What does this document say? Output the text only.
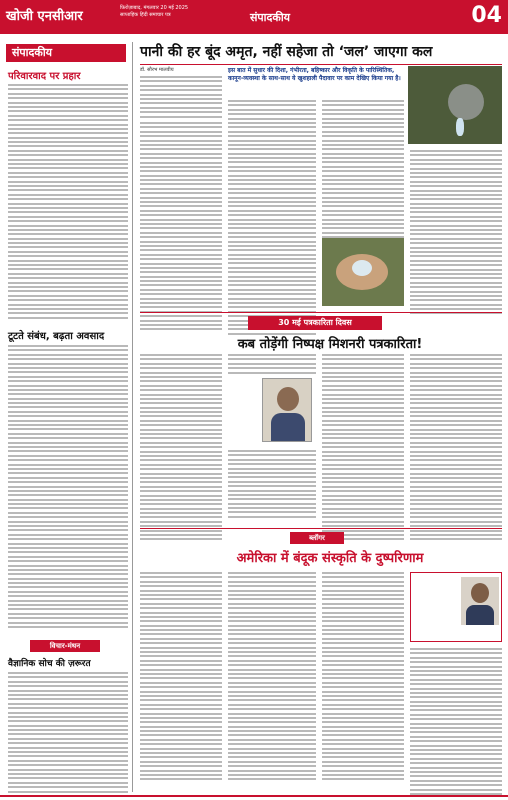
खोजी एनसीआर
फ़िरोज़ाबाद, मंगलवार 20 मई 2025
साप्ताहिक हिंदी समाचार पत्र	संपादकीय	04
संपादकीय
परिवारवाद पर प्रहार
टूटते संबंध, बढ़ता अवसाद
विचार-मंथन
वैज्ञानिक सोच की ज़रूरत
पानी की हर बूंद अमृत, नहीं सहेजा तो ‘जल’ जाएगा कल
डॉ. सौरभ मालवीय	इस बात में सुधार की दिशा, गंभीरता, बहिष्कार और विकृति के पारिस्थितिक, कानून-व्यवस्था के साथ-साथ ये खुशहाली पैदावार पर काम देखिए किया गया है।
30 मई पत्रकारिता दिवस
कब तोड़ेंगी निष्पक्ष मिशनरी पत्रकारिता!
ब्लॉगर
अमेरिका में बंदूक संस्कृति के दुष्परिणाम
